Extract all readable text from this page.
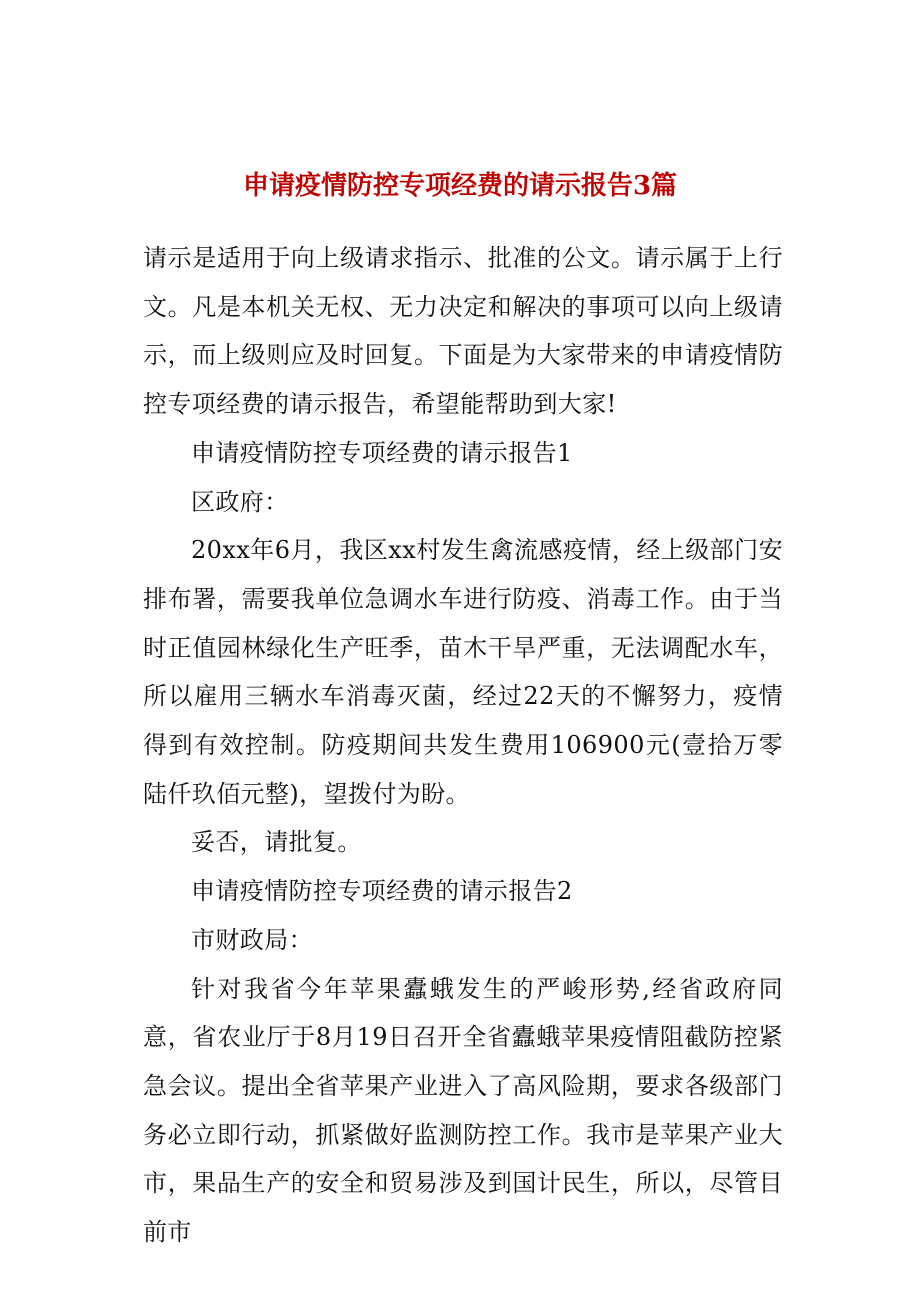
申请疫情防控专项经费的请示报告3篇

请示是适用于向上级请求指示、批准的公文。请示属于上行文。凡是本机关无权、无力决定和解决的事项可以向上级请示，而上级则应及时回复。下面是为大家带来的申请疫情防控专项经费的请示报告，希望能帮助到大家!

申请疫情防控专项经费的请示报告1

区政府：

20xx年6月，我区xx村发生禽流感疫情，经上级部门安排布署，需要我单位急调水车进行防疫、消毒工作。由于当时正值园林绿化生产旺季，苗木干旱严重，无法调配水车，所以雇用三辆水车消毒灭菌，经过22天的不懈努力，疫情得到有效控制。防疫期间共发生费用106900元(壹拾万零陆仟玖佰元整)，望拨付为盼。

妥否，请批复。

申请疫情防控专项经费的请示报告2

市财政局：

针对我省今年苹果蠹蛾发生的严峻形势,经省政府同意，省农业厅于8月19日召开全省蠹蛾苹果疫情阻截防控紧急会议。提出全省苹果产业进入了高风险期，要求各级部门务必立即行动，抓紧做好监测防控工作。我市是苹果产业大市，果品生产的安全和贸易涉及到国计民生，所以，尽管目前市
